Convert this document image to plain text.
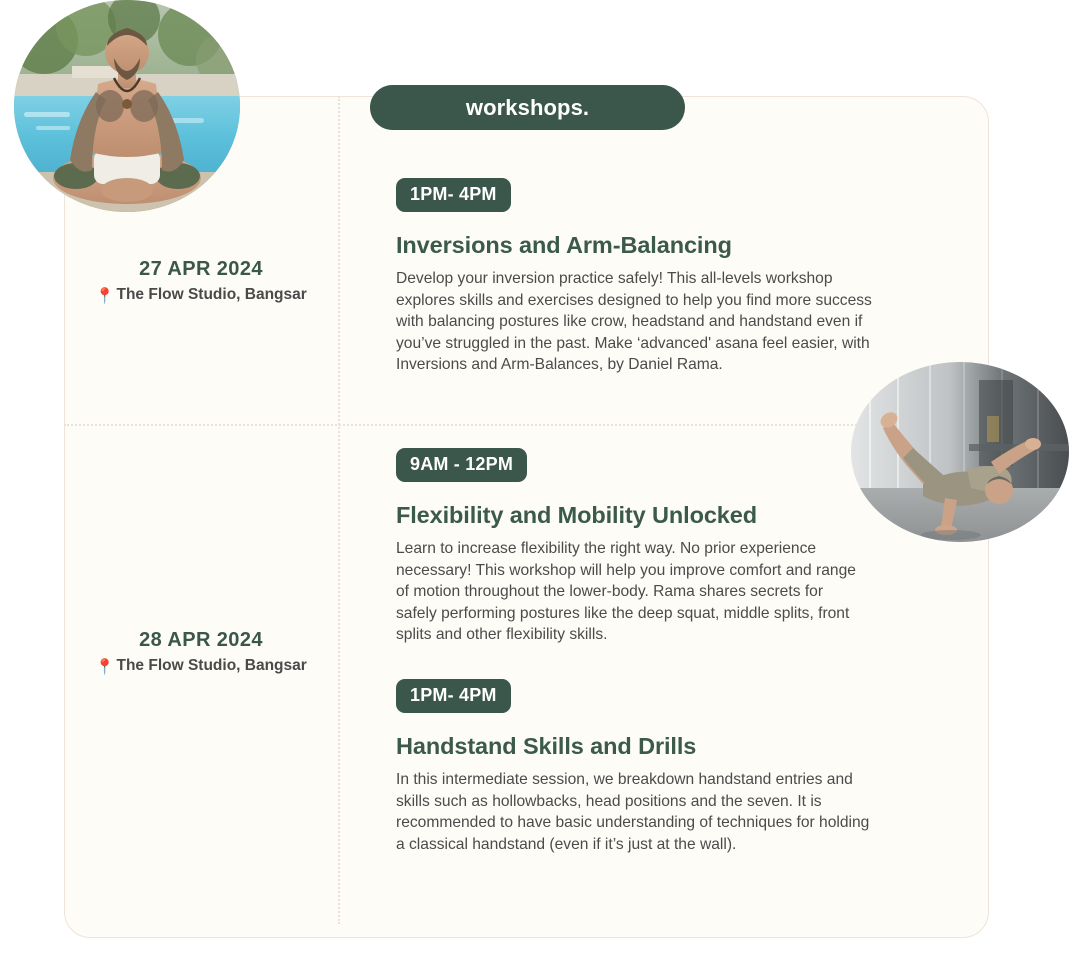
workshops.
27 APR 2024
📍 The Flow Studio, Bangsar
28 APR 2024
📍 The Flow Studio, Bangsar
1PM- 4PM
Inversions and Arm-Balancing
Develop your inversion practice safely! This all-levels workshop explores skills and exercises designed to help you find more success with balancing postures like crow, headstand and handstand even if you’ve struggled in the past. Make ‘advanced' asana feel easier, with Inversions and Arm-Balances, by Daniel Rama.
9AM - 12PM
Flexibility and Mobility Unlocked
Learn to increase flexibility the right way. No prior experience necessary! This workshop will help you improve comfort and range of motion throughout the lower-body. Rama shares secrets for safely performing postures like the deep squat, middle splits, front splits and other flexibility skills.
1PM- 4PM
Handstand Skills and Drills
In this intermediate session, we breakdown handstand entries and skills such as hollowbacks, head positions and the seven. It is recommended to have basic understanding of techniques for holding a classical handstand (even if it’s just at the wall).
